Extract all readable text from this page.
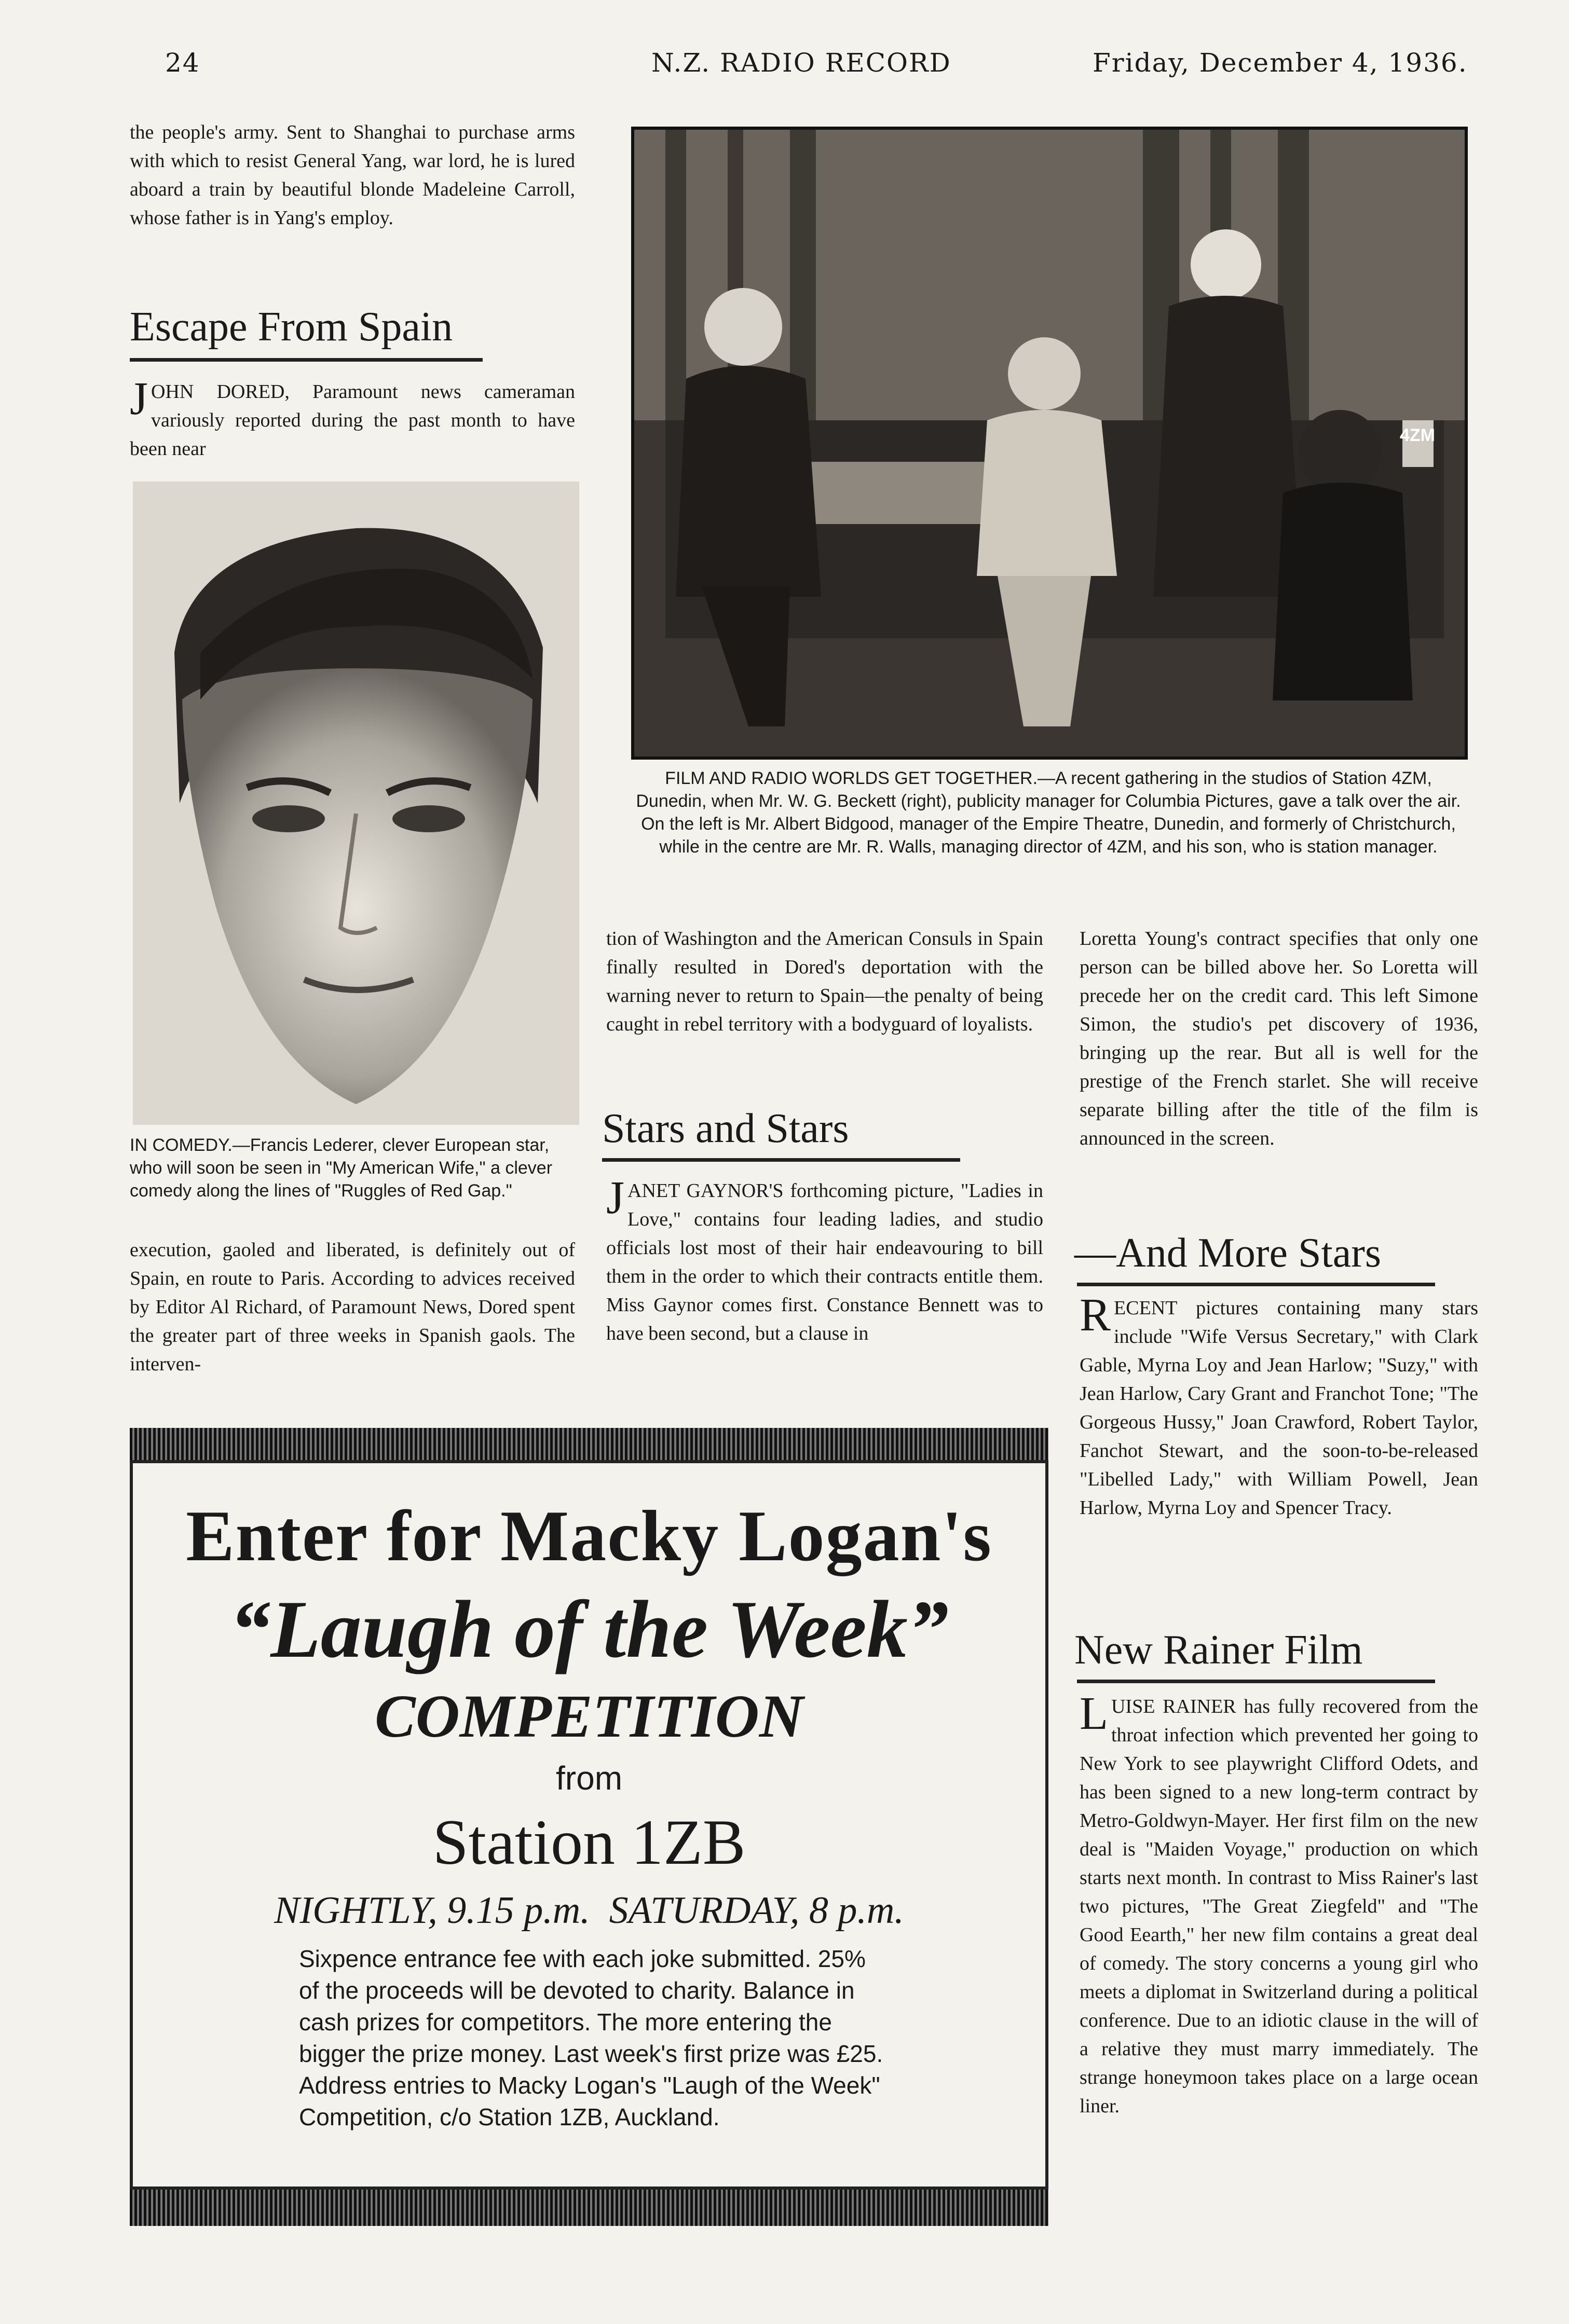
24	N.Z. RADIO RECORD	Friday, December 4, 1936.

the people's army. Sent to Shanghai to purchase arms with which to resist General Yang, war lord, he is lured aboard a train by beautiful blonde Madeleine Carroll, whose father is in Yang's employ.

Escape From Spain
JOHN DORED, Paramount news cameraman variously reported during the past month to have been near
IN COMEDY.—Francis Lederer, clever European star, who will soon be seen in "My American Wife," a clever comedy along the lines of "Ruggles of Red Gap."

execution, gaoled and liberated, is definitely out of Spain, en route to Paris. According to advices received by Editor Al Richard, of Paramount News, Dored spent the greater part of three weeks in Spanish gaols. The interven-

4ZM
FILM AND RADIO WORLDS GET TOGETHER.—A recent gathering in the studios of Station 4ZM, Dunedin, when Mr. W. G. Beckett (right), publicity manager for Columbia Pictures, gave a talk over the air. On the left is Mr. Albert Bidgood, manager of the Empire Theatre, Dunedin, and formerly of Christchurch, while in the centre are Mr. R. Walls, managing director of 4ZM, and his son, who is station manager.

tion of Washington and the American Consuls in Spain finally resulted in Dored's deportation with the warning never to return to Spain—the penalty of being caught in rebel territory with a bodyguard of loyalists.

Stars and Stars
JANET GAYNOR'S forthcoming picture, "Ladies in Love," contains four leading ladies, and studio officials lost most of their hair endeavouring to bill them in the order to which their contracts entitle them. Miss Gaynor comes first. Constance Bennett was to have been second, but a clause in

Loretta Young's contract specifies that only one person can be billed above her. So Loretta will precede her on the credit card. This left Simone Simon, the studio's pet discovery of 1936, bringing up the rear. But all is well for the prestige of the French starlet. She will receive separate billing after the title of the film is announced in the screen.

—And More Stars
RECENT pictures containing many stars include "Wife Versus Secretary," with Clark Gable, Myrna Loy and Jean Harlow; "Suzy," with Jean Harlow, Cary Grant and Franchot Tone; "The Gorgeous Hussy," Joan Crawford, Robert Taylor, Fanchot Stewart, and the soon-to-be-released "Libelled Lady," with William Powell, Jean Harlow, Myrna Loy and Spencer Tracy.
New Rainer Film
LUISE RAINER has fully recovered from the throat infection which prevented her going to New York to see playwright Clifford Odets, and has been signed to a new long-term contract by Metro-Goldwyn-Mayer. Her first film on the new deal is "Maiden Voyage," production on which starts next month. In contrast to Miss Rainer's last two pictures, "The Great Ziegfeld" and "The Good Eearth," her new film contains a great deal of comedy. The story concerns a young girl who meets a diplomat in Switzerland during a political conference. Due to an idiotic clause in the will of a relative they must marry immediately. The strange honeymoon takes place on a large ocean liner.
Enter for Macky Logan's
“Laugh of the Week”
COMPETITION
from
Station 1ZB
NIGHTLY, 9.15 p.m.  SATURDAY, 8 p.m.
Sixpence entrance fee with each joke submitted. 25% of the proceeds will be devoted to charity. Balance in cash prizes for competitors. The more entering the bigger the prize money. Last week's first prize was £25. Address entries to Macky Logan's "Laugh of the Week" Competition, c/o Station 1ZB, Auckland.
